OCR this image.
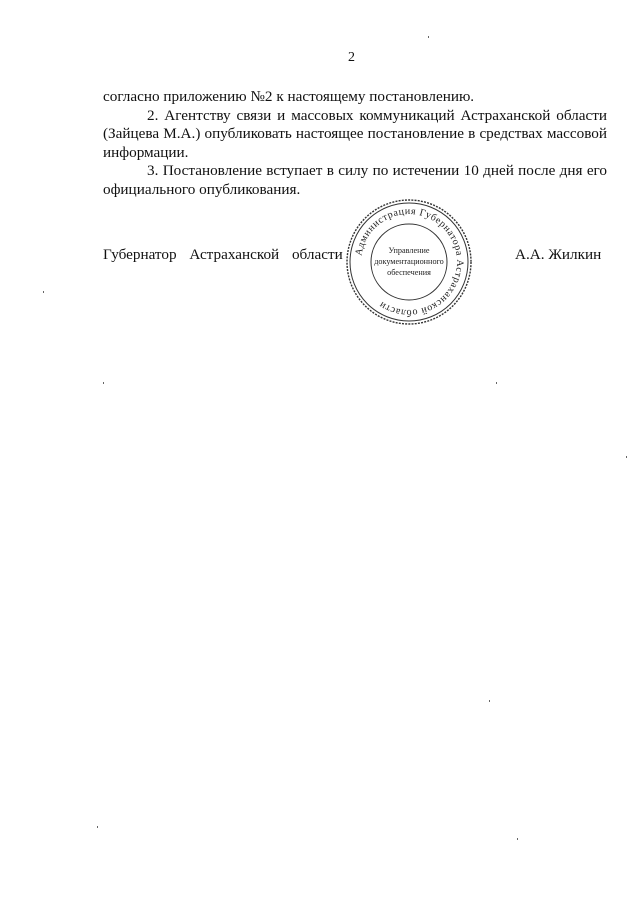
2

согласно приложению №2 к настоящему постановлению.

2. Агентству связи и массовых коммуникаций Астраханской области (Зайцева М.А.) опубликовать настоящее постановление в средствах массовой информации.

3. Постановление вступает в силу по истечении 10 дней после дня его официального опубликования.

Губернатор Астраханской области Администрация Губернатора Астраханской области
Управление
документационного
обеспечения
А.А. Жилкин
